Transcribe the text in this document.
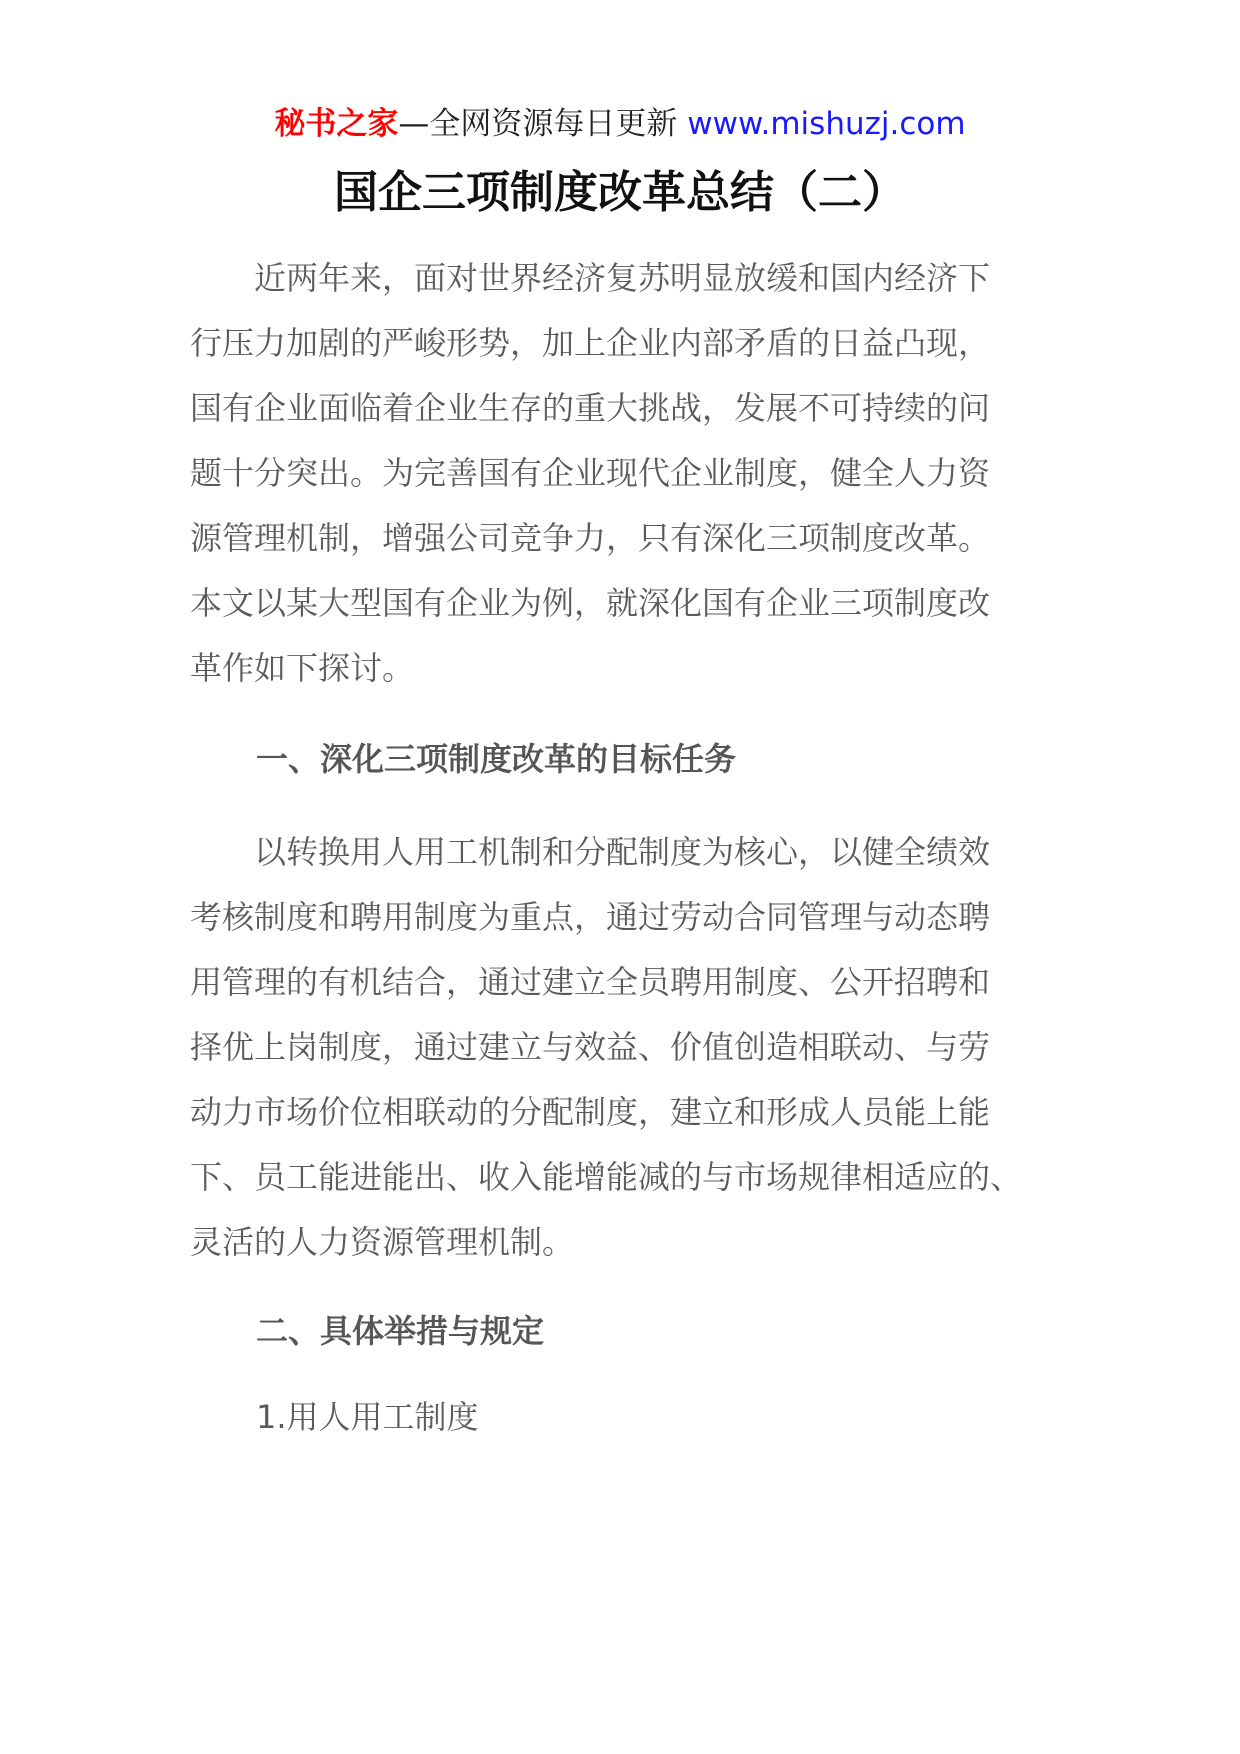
秘书之家—全网资源每日更新 www.mishuzj.com
国企三项制度改革总结（二）
近两年来，面对世界经济复苏明显放缓和国内经济下
行压力加剧的严峻形势，加上企业内部矛盾的日益凸现，
国有企业面临着企业生存的重大挑战，发展不可持续的问
题十分突出。为完善国有企业现代企业制度，健全人力资
源管理机制，增强公司竞争力，只有深化三项制度改革。
本文以某大型国有企业为例，就深化国有企业三项制度改
革作如下探讨。
一、深化三项制度改革的目标任务
以转换用人用工机制和分配制度为核心，以健全绩效
考核制度和聘用制度为重点，通过劳动合同管理与动态聘
用管理的有机结合，通过建立全员聘用制度、公开招聘和
择优上岗制度，通过建立与效益、价值创造相联动、与劳
动力市场价位相联动的分配制度，建立和形成人员能上能
下、员工能进能出、收入能增能减的与市场规律相适应的、
灵活的人力资源管理机制。
二、具体举措与规定
1.用人用工制度
